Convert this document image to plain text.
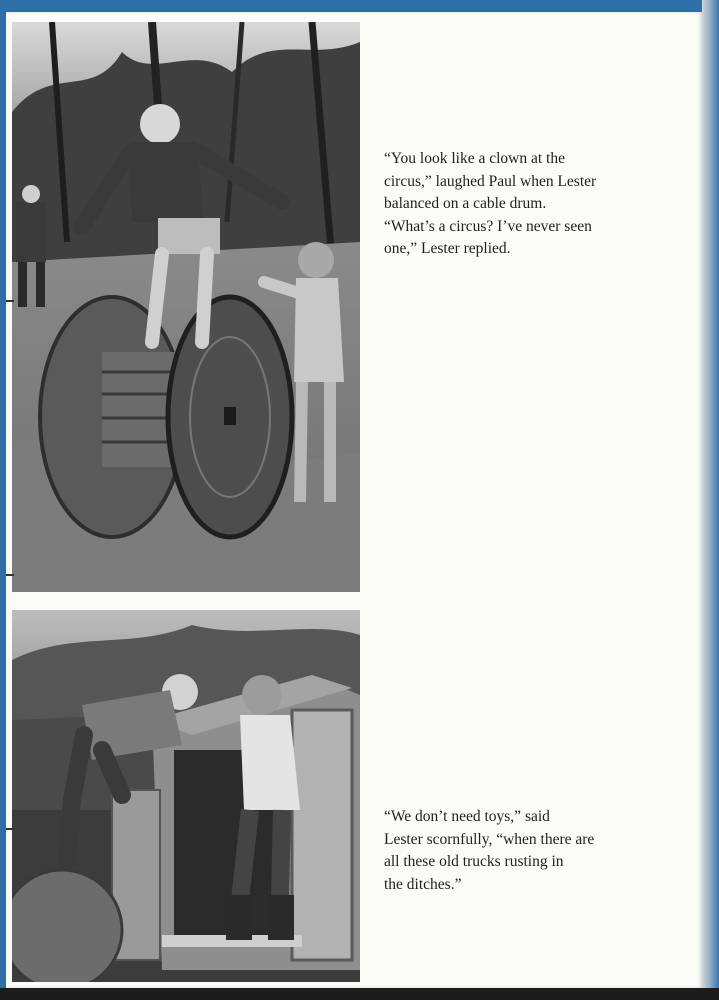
“You look like a clown at the
circus,” laughed Paul when Lester
balanced on a cable drum.
“What’s a circus? I’ve never seen
one,” Lester replied.

“We don’t need toys,” said
Lester scornfully, “when there are
all these old trucks rusting in
the ditches.”
